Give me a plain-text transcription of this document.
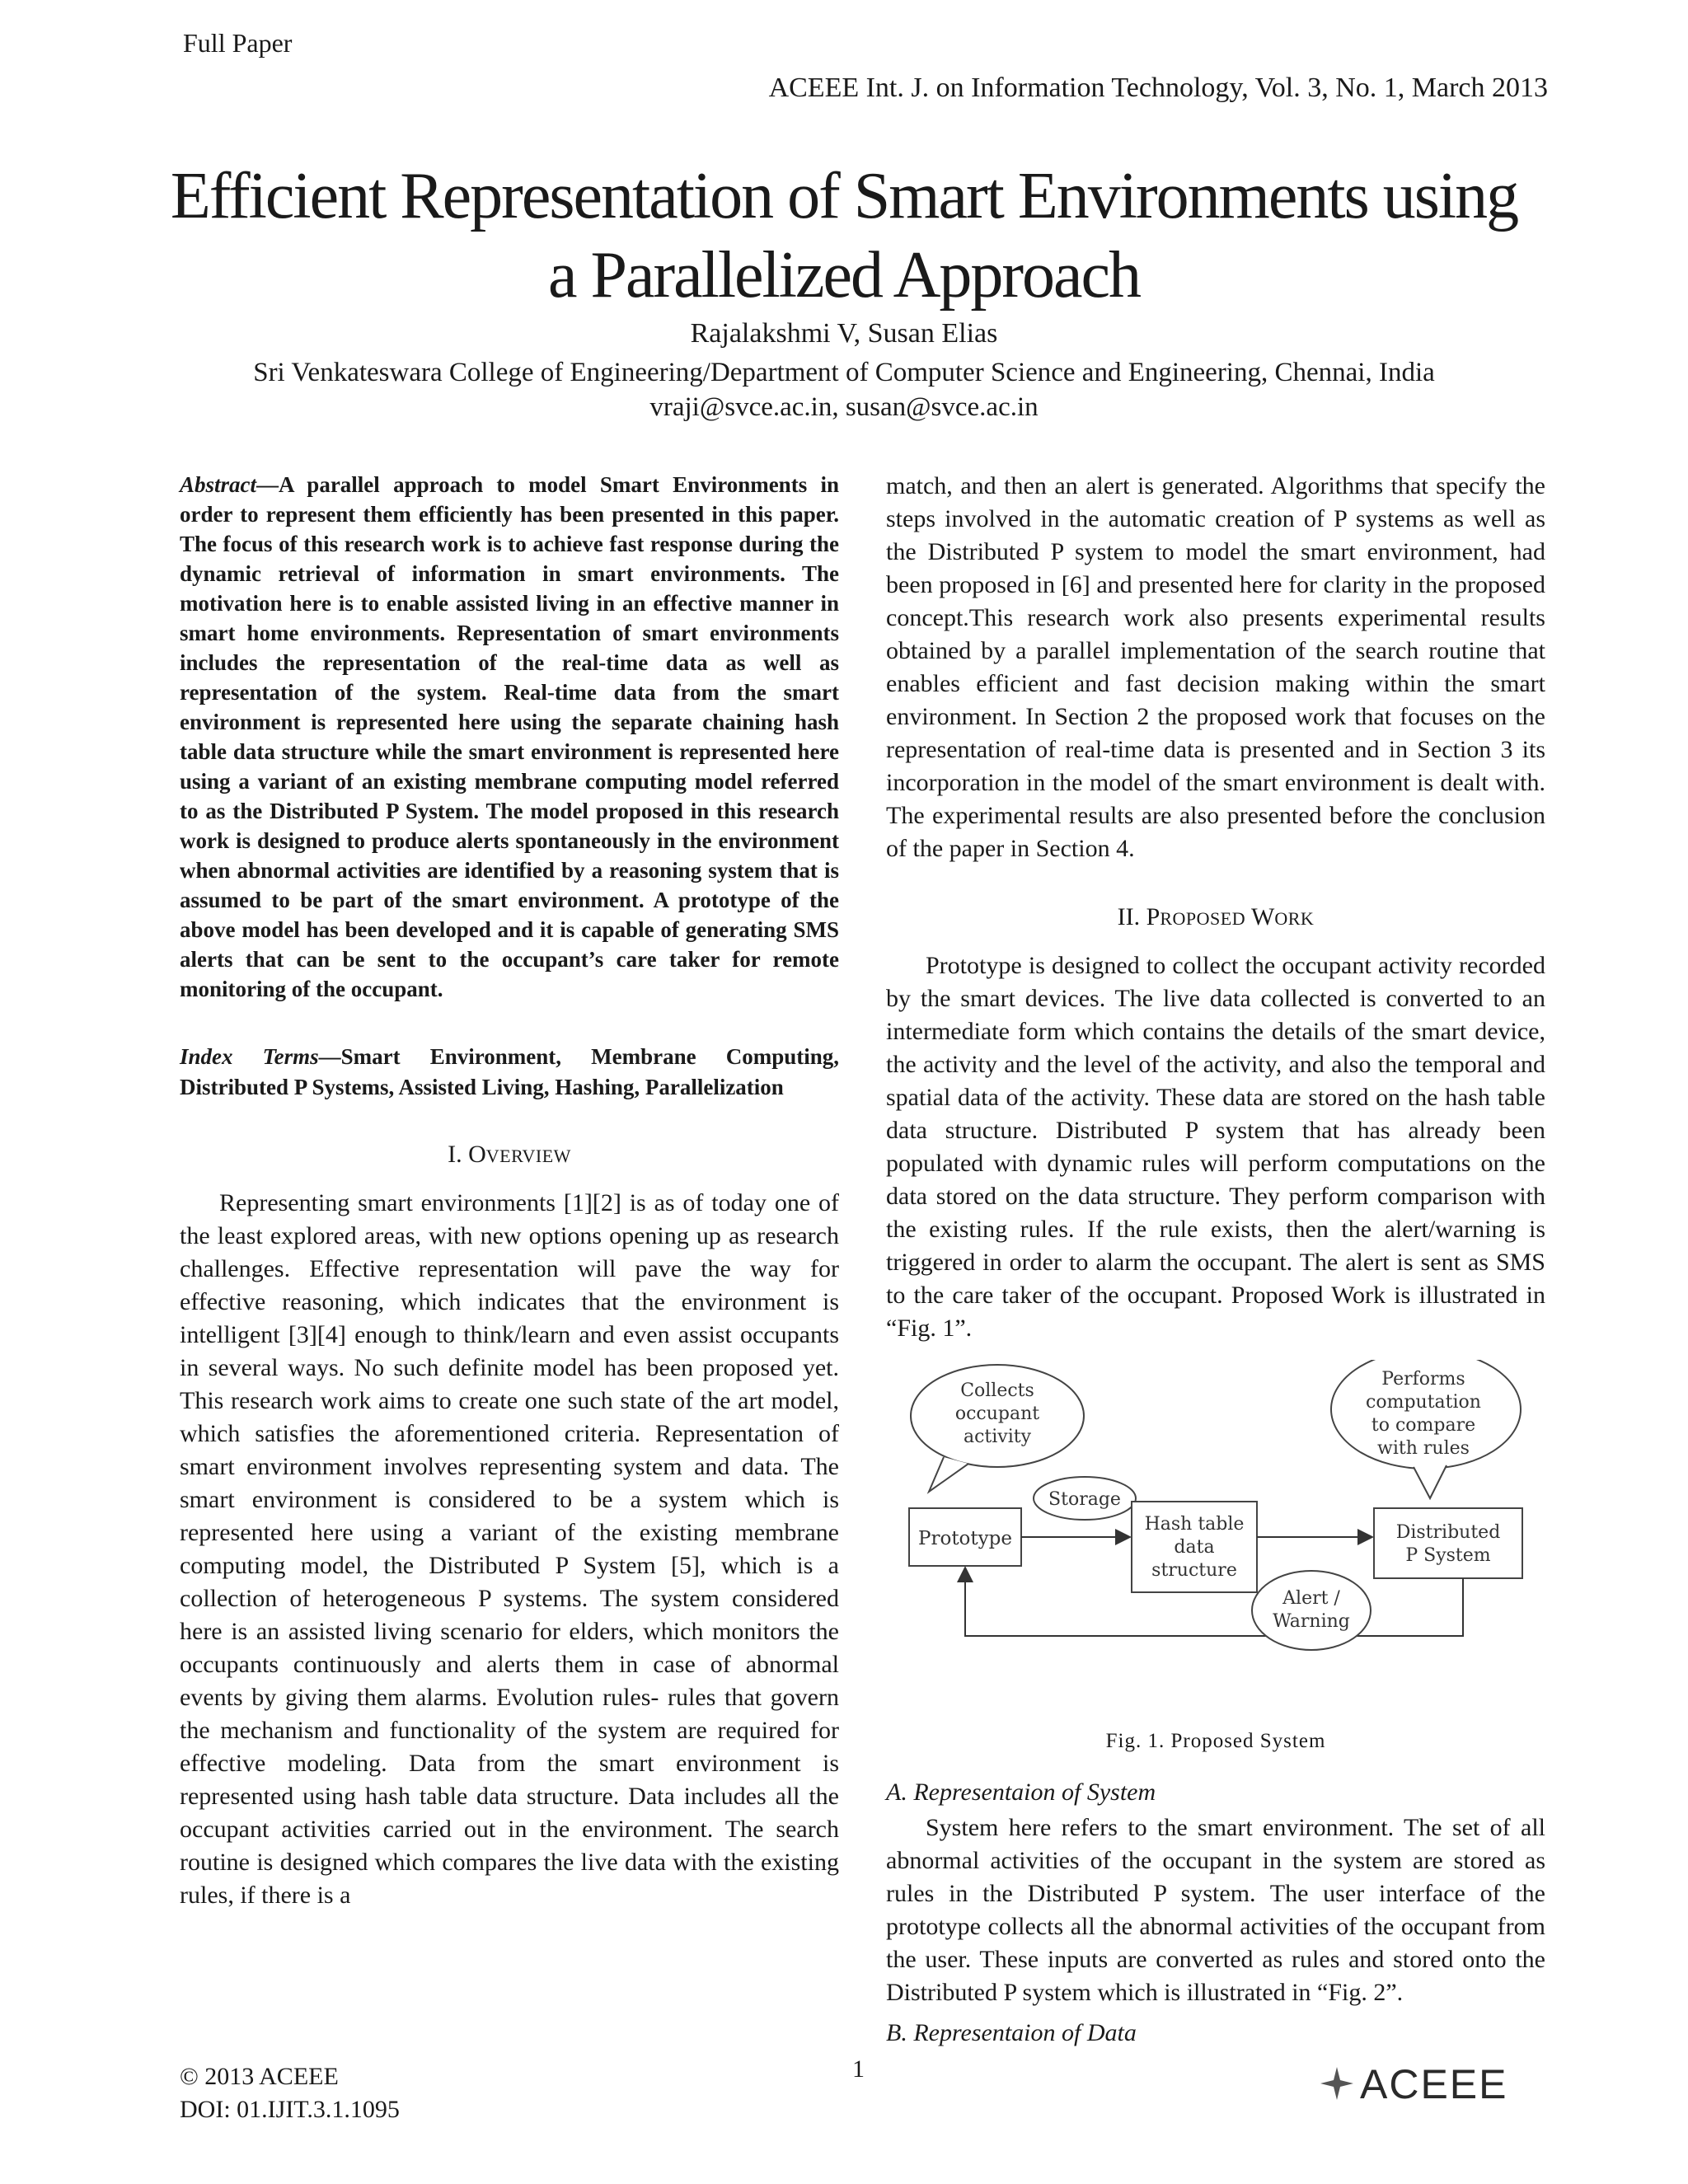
Full Paper
ACEEE Int. J. on Information Technology, Vol. 3, No. 1, March 2013
Efficient Representation of Smart Environments using
a Parallelized Approach
Rajalakshmi V, Susan Elias
Sri Venkateswara College of Engineering/Department of Computer Science and Engineering, Chennai, India
vraji@svce.ac.in, susan@svce.ac.in

Abstract—A parallel approach to model Smart Environments in order to represent them efficiently has been presented in this paper. The focus of this research work is to achieve fast response during the dynamic retrieval of information in smart environments. The motivation here is to enable assisted living in an effective manner in smart home environments. Representation of smart environments includes the representation of the real-time data as well as representation of the system. Real-time data from the smart environment is represented here using the separate chaining hash table data structure while the smart environment is represented here using a variant of an existing membrane computing model referred to as the Distributed P System. The model proposed in this research work is designed to produce alerts spontaneously in the environment when abnormal activities are identified by a reasoning system that is assumed to be part of the smart environment. A prototype of the above model has been developed and it is capable of generating SMS alerts that can be sent to the occupant’s care taker for remote monitoring of the occupant.

Index Terms—Smart Environment, Membrane Computing, Distributed P Systems, Assisted Living, Hashing, Parallelization

I. OVERVIEW

Representing smart environments [1][2] is as of today one of the least explored areas, with new options opening up as research challenges. Effective representation will pave the way for effective reasoning, which indicates that the environment is intelligent [3][4] enough to think/learn and even assist occupants in several ways. No such definite model has been proposed yet. This research work aims to create one such state of the art model, which satisfies the aforementioned criteria. Representation of smart environment involves representing system and data. The smart environment is considered to be a system which is represented here using a variant of the existing membrane computing model, the Distributed P System [5], which is a collection of heterogeneous P systems. The system considered here is an assisted living scenario for elders, which monitors the occupants continuously and alerts them in case of abnormal events by giving them alarms. Evolution rules- rules that govern the mechanism and functionality of the system are required for effective modeling. Data from the smart environment is represented using hash table data structure. Data includes all the occupant activities carried out in the environment. The search routine is designed which compares the live data with the existing rules, if there is a

match, and then an alert is generated. Algorithms that specify the steps involved in the automatic creation of P systems as well as the Distributed P system to model the smart environment, had been proposed in [6] and presented here for clarity in the proposed concept.This research work also presents experimental results obtained by a parallel implementation of the search routine that enables efficient and fast decision making within the smart environment. In Section 2 the proposed work that focuses on the representation of real-time data is presented and in Section 3 its incorporation in the model of the smart environment is dealt with. The experimental results are also presented before the conclusion of the paper in Section 4.

II. PROPOSED WORK

Prototype is designed to collect the occupant activity recorded by the smart devices. The live data collected is converted to an intermediate form which contains the details of the smart device, the activity and the level of the activity, and also the temporal and spatial data of the activity. These data are stored on the hash table data structure. Distributed P system that has already been populated with dynamic rules will perform computations on the data stored on the data structure. They perform comparison with the existing rules. If the rule exists, then the alert/warning is triggered in order to alarm the occupant. The alert is sent as SMS to the care taker of the occupant. Proposed Work is illustrated in “Fig. 1”.

Collects
occupant
activity
Performs
computation
to compare
with rules
Prototype
Storage
Hash table
data
structure
Distributed
P System
Alert /
Warning
Fig. 1. Proposed System
A. Representaion of System

System here refers to the smart environment. The set of all abnormal activities of the occupant in the system are stored as rules in the Distributed P system. The user interface of the prototype collects all the abnormal activities of the occupant from the user. These inputs are converted as rules and stored onto the Distributed P system which is illustrated in “Fig. 2”.

B. Representaion of Data
© 2013 ACEEE
DOI: 01.IJIT.3.1.1095
1	ACEEE
